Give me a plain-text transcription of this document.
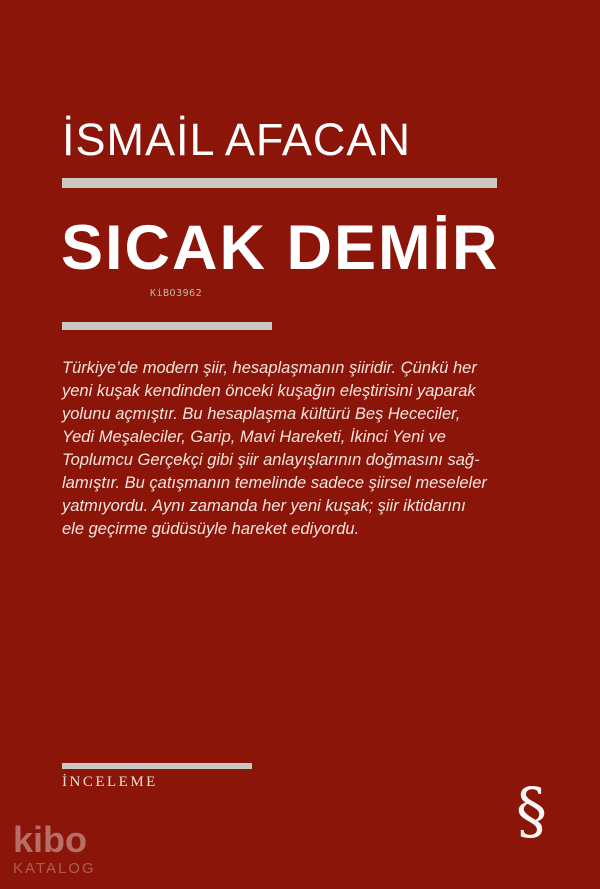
İSMAİL AFACAN
SICAK DEMİR
KiBO3962
Türkiye’de modern şiir, hesaplaşmanın şiiridir. Çünkü her
yeni kuşak kendinden önceki kuşağın eleştirisini yaparak
yolunu açmıştır. Bu hesaplaşma kültürü Beş Hececiler,
Yedi Meşaleciler, Garip, Mavi Hareketi, İkinci Yeni ve
Toplumcu Gerçekçi gibi şiir anlayışlarının doğmasını sağ-
lamıştır. Bu çatışmanın temelinde sadece şiirsel meseleler
yatmıyordu. Aynı zamanda her yeni kuşak; şiir iktidarını
ele geçirme güdüsüyle hareket ediyordu.
İNCELEME	§
kibo
KATALOG
